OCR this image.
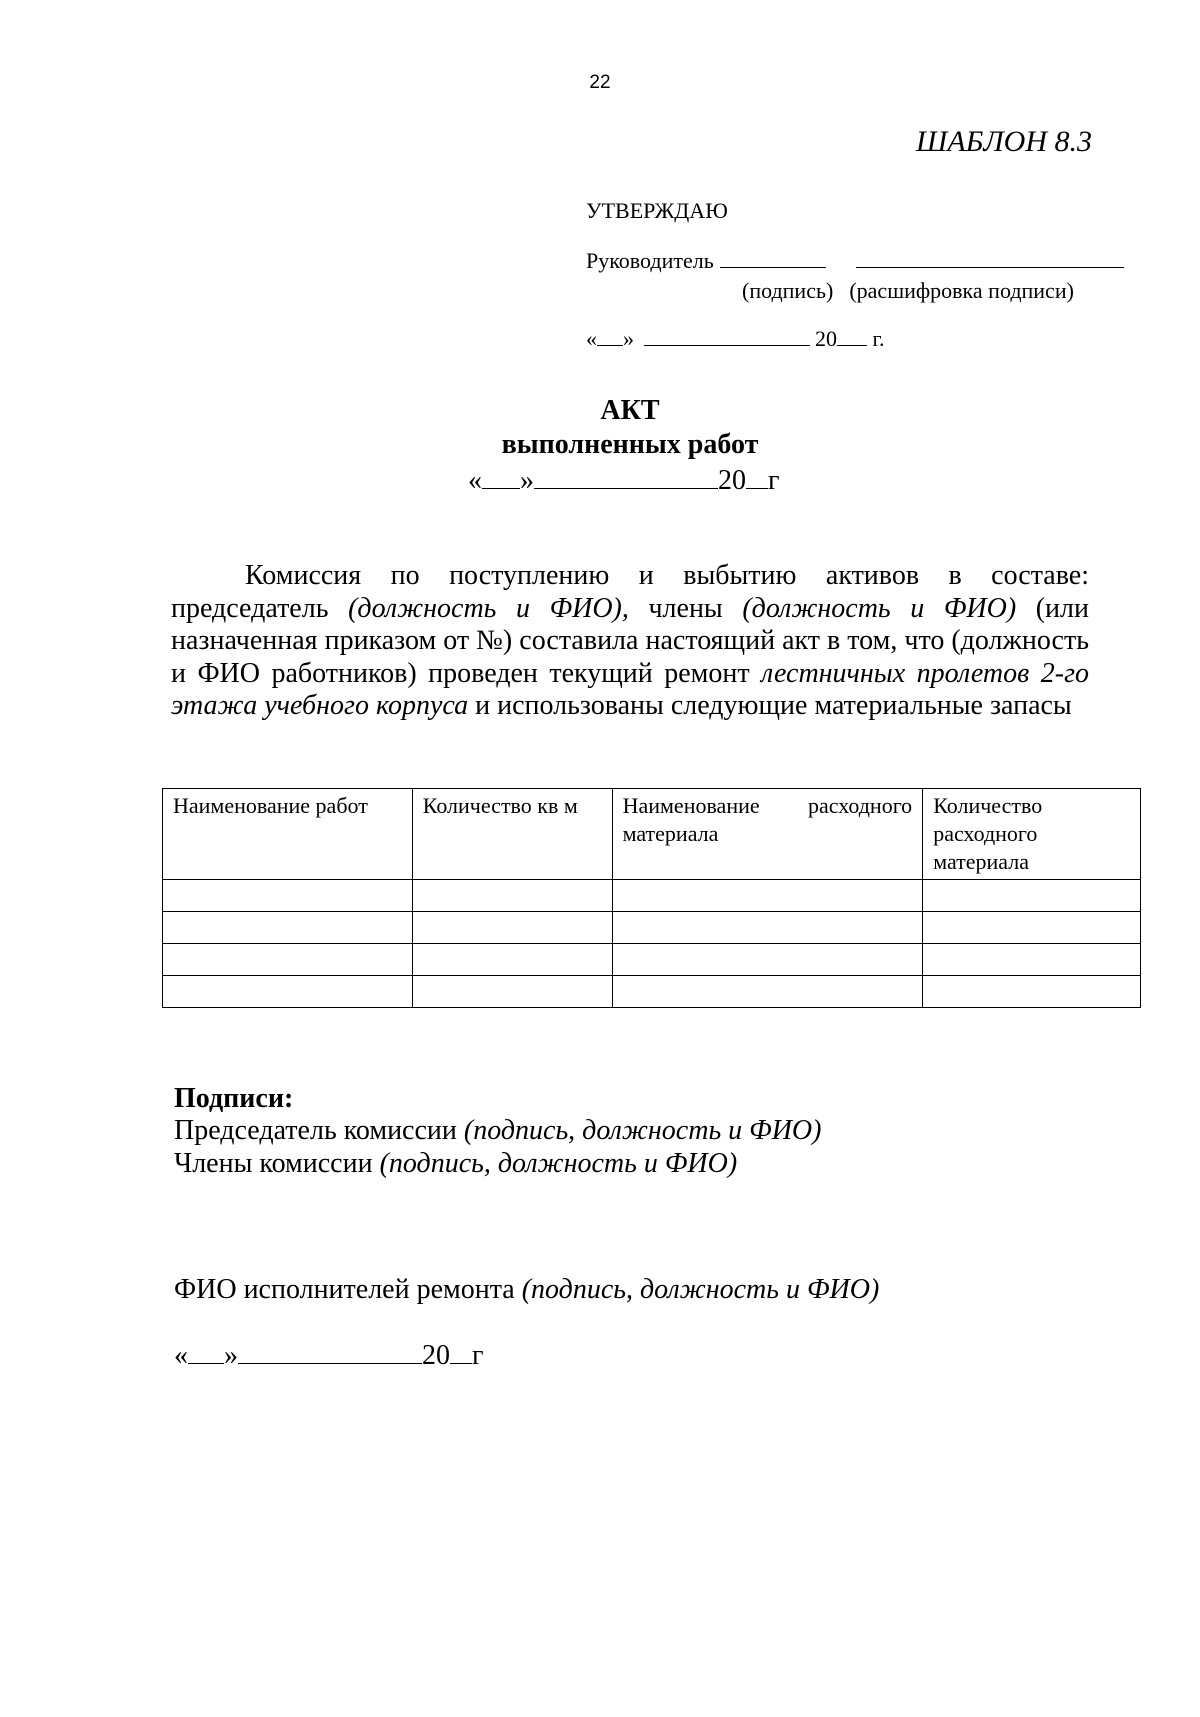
22
ШАБЛОН 8.3
УТВЕРЖДАЮ
Руководитель
(подпись) (расшифровка подписи)
« »	20 г.
АКТ
выполненных работ
« »	20 г
Комиссия по поступлению и выбытию активов в составе: председатель (должность и ФИО), члены (должность и ФИО) (или назначенная приказом от №) составила настоящий акт в том, что (должность и ФИО работников) проведен текущий ремонт лестничных пролетов 2-го этажа учебного корпуса и использованы следующие материальные запасы
Наименование работ	Количество кв м	Наименование расходного материала	Количество расходного материала

Подписи:
Председатель комиссии (подпись, должность и ФИО)
Члены комиссии (подпись, должность и ФИО)
ФИО исполнителей ремонта (подпись, должность и ФИО)
« »	20 г
